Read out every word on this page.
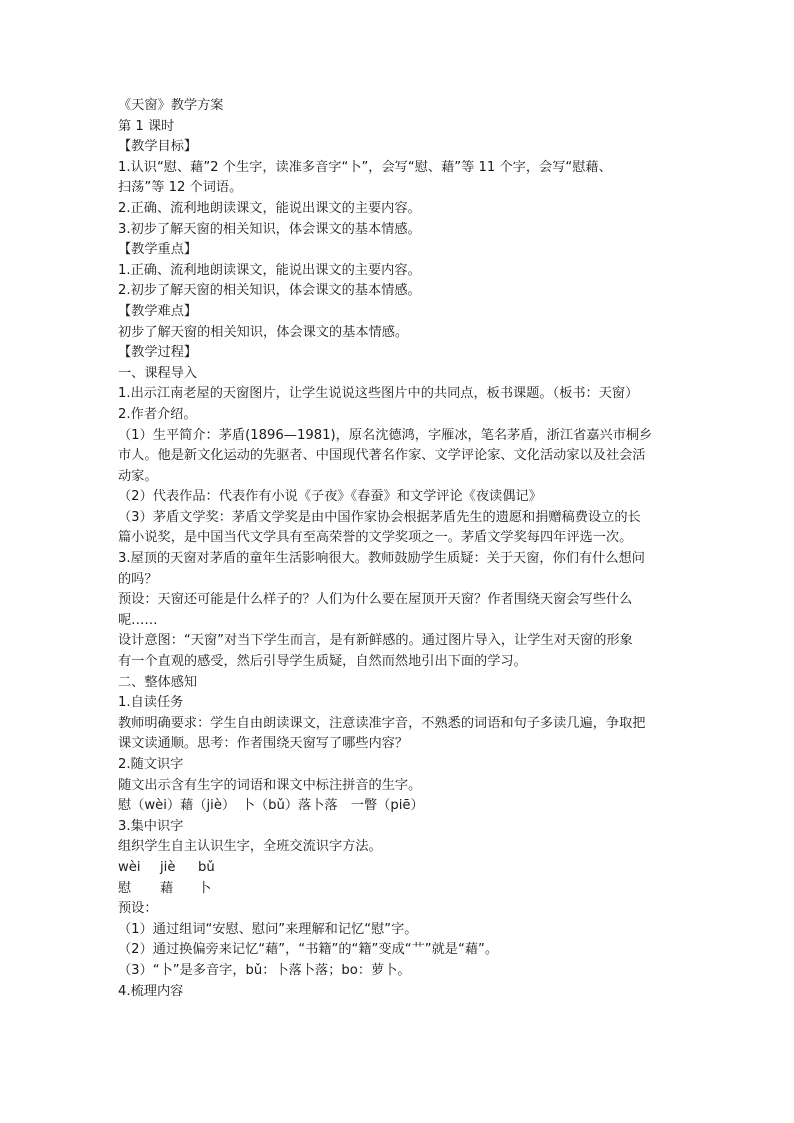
《天窗》教学方案
第 1 课时
【教学目标】
1.认识“慰、藉”2 个生字，读准多音字“卜”，会写“慰、藉”等 11 个字，会写“慰藉、
扫荡”等 12 个词语。
2.正确、流利地朗读课文，能说出课文的主要内容。
3.初步了解天窗的相关知识，体会课文的基本情感。
【教学重点】
1.正确、流利地朗读课文，能说出课文的主要内容。
2.初步了解天窗的相关知识，体会课文的基本情感。
【教学难点】
初步了解天窗的相关知识，体会课文的基本情感。
【教学过程】
一、课程导入
1.出示江南老屋的天窗图片，让学生说说这些图片中的共同点，板书课题。（板书：天窗）
2.作者介绍。
（1）生平简介：茅盾(1896—1981)，原名沈德鸿，字雁冰，笔名茅盾，浙江省嘉兴市桐乡
市人。他是新文化运动的先驱者、中国现代著名作家、文学评论家、文化活动家以及社会活
动家。
（2）代表作品：代表作有小说《子夜》《春蚕》和文学评论《夜读偶记》
（3）茅盾文学奖：茅盾文学奖是由中国作家协会根据茅盾先生的遗愿和捐赠稿费设立的长
篇小说奖，是中国当代文学具有至高荣誉的文学奖项之一。茅盾文学奖每四年评选一次。
3.屋顶的天窗对茅盾的童年生活影响很大。教师鼓励学生质疑：关于天窗，你们有什么想问
的吗？
预设：天窗还可能是什么样子的？人们为什么要在屋顶开天窗？作者围绕天窗会写些什么
呢……
设计意图：“天窗”对当下学生而言，是有新鲜感的。通过图片导入，让学生对天窗的形象
有一个直观的感受，然后引导学生质疑，自然而然地引出下面的学习。
二、整体感知
1.自读任务
教师明确要求：学生自由朗读课文，注意读准字音，不熟悉的词语和句子多读几遍，争取把
课文读通顺。思考：作者围绕天窗写了哪些内容？
2.随文识字
随文出示含有生字的词语和课文中标注拼音的生字。
慰（wèi）藉（jiè）　卜（bǔ）落卜落　一瞥（piē）
3.集中识字
组织学生自主认识生字，全班交流识字方法。
wèi jiè bǔ
慰 藉 卜
预设：
（1）通过组词“安慰、慰问”来理解和记忆“慰”字。
（2）通过换偏旁来记忆“藉”，“书籍”的“籍”变成“艹”就是“藉”。
（3）“卜”是多音字，bǔ：卜落卜落；bo：萝卜。
4.梳理内容
